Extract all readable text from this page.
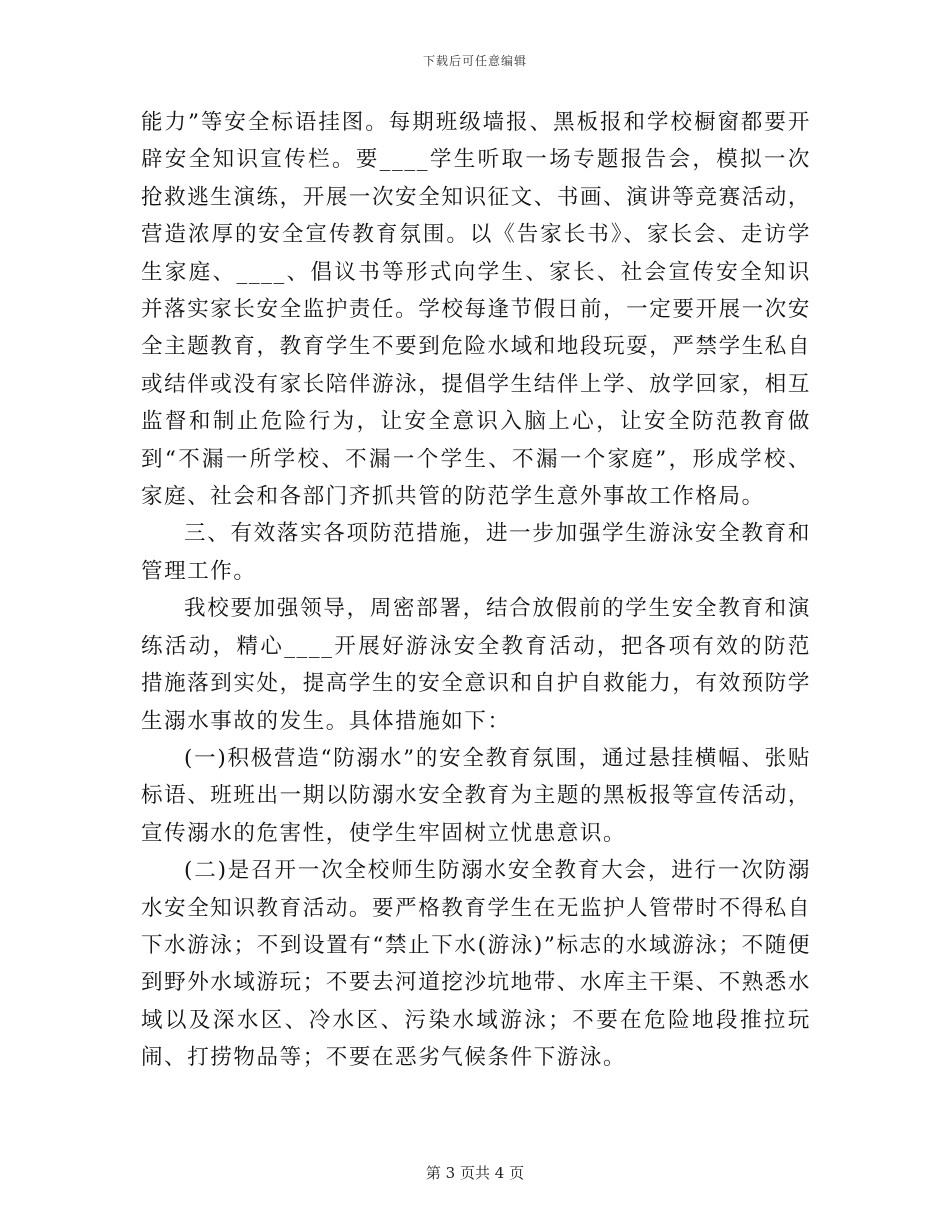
下载后可任意编辑

能力”等安全标语挂图。每期班级墙报、黑板报和学校橱窗都要开辟安全知识宣传栏。要____学生听取一场专题报告会，模拟一次抢救逃生演练，开展一次安全知识征文、书画、演讲等竞赛活动，营造浓厚的安全宣传教育氛围。以《告家长书》、家长会、走访学生家庭、____、倡议书等形式向学生、家长、社会宣传安全知识并落实家长安全监护责任。学校每逢节假日前，一定要开展一次安全主题教育，教育学生不要到危险水域和地段玩耍，严禁学生私自或结伴或没有家长陪伴游泳，提倡学生结伴上学、放学回家，相互监督和制止危险行为，让安全意识入脑上心，让安全防范教育做到“不漏一所学校、不漏一个学生、不漏一个家庭”，形成学校、家庭、社会和各部门齐抓共管的防范学生意外事故工作格局。

三、有效落实各项防范措施，进一步加强学生游泳安全教育和管理工作。

我校要加强领导，周密部署，结合放假前的学生安全教育和演练活动，精心____开展好游泳安全教育活动，把各项有效的防范措施落到实处，提高学生的安全意识和自护自救能力，有效预防学生溺水事故的发生。具体措施如下：

(一)积极营造“防溺水”的安全教育氛围，通过悬挂横幅、张贴标语、班班出一期以防溺水安全教育为主题的黑板报等宣传活动，宣传溺水的危害性，使学生牢固树立忧患意识。

(二)是召开一次全校师生防溺水安全教育大会，进行一次防溺水安全知识教育活动。要严格教育学生在无监护人管带时不得私自下水游泳；不到设置有“禁止下水(游泳)”标志的水域游泳；不随便到野外水域游玩；不要去河道挖沙坑地带、水库主干渠、不熟悉水域以及深水区、冷水区、污染水域游泳；不要在危险地段推拉玩闹、打捞物品等；不要在恶劣气候条件下游泳。

第 3 页共 4 页
